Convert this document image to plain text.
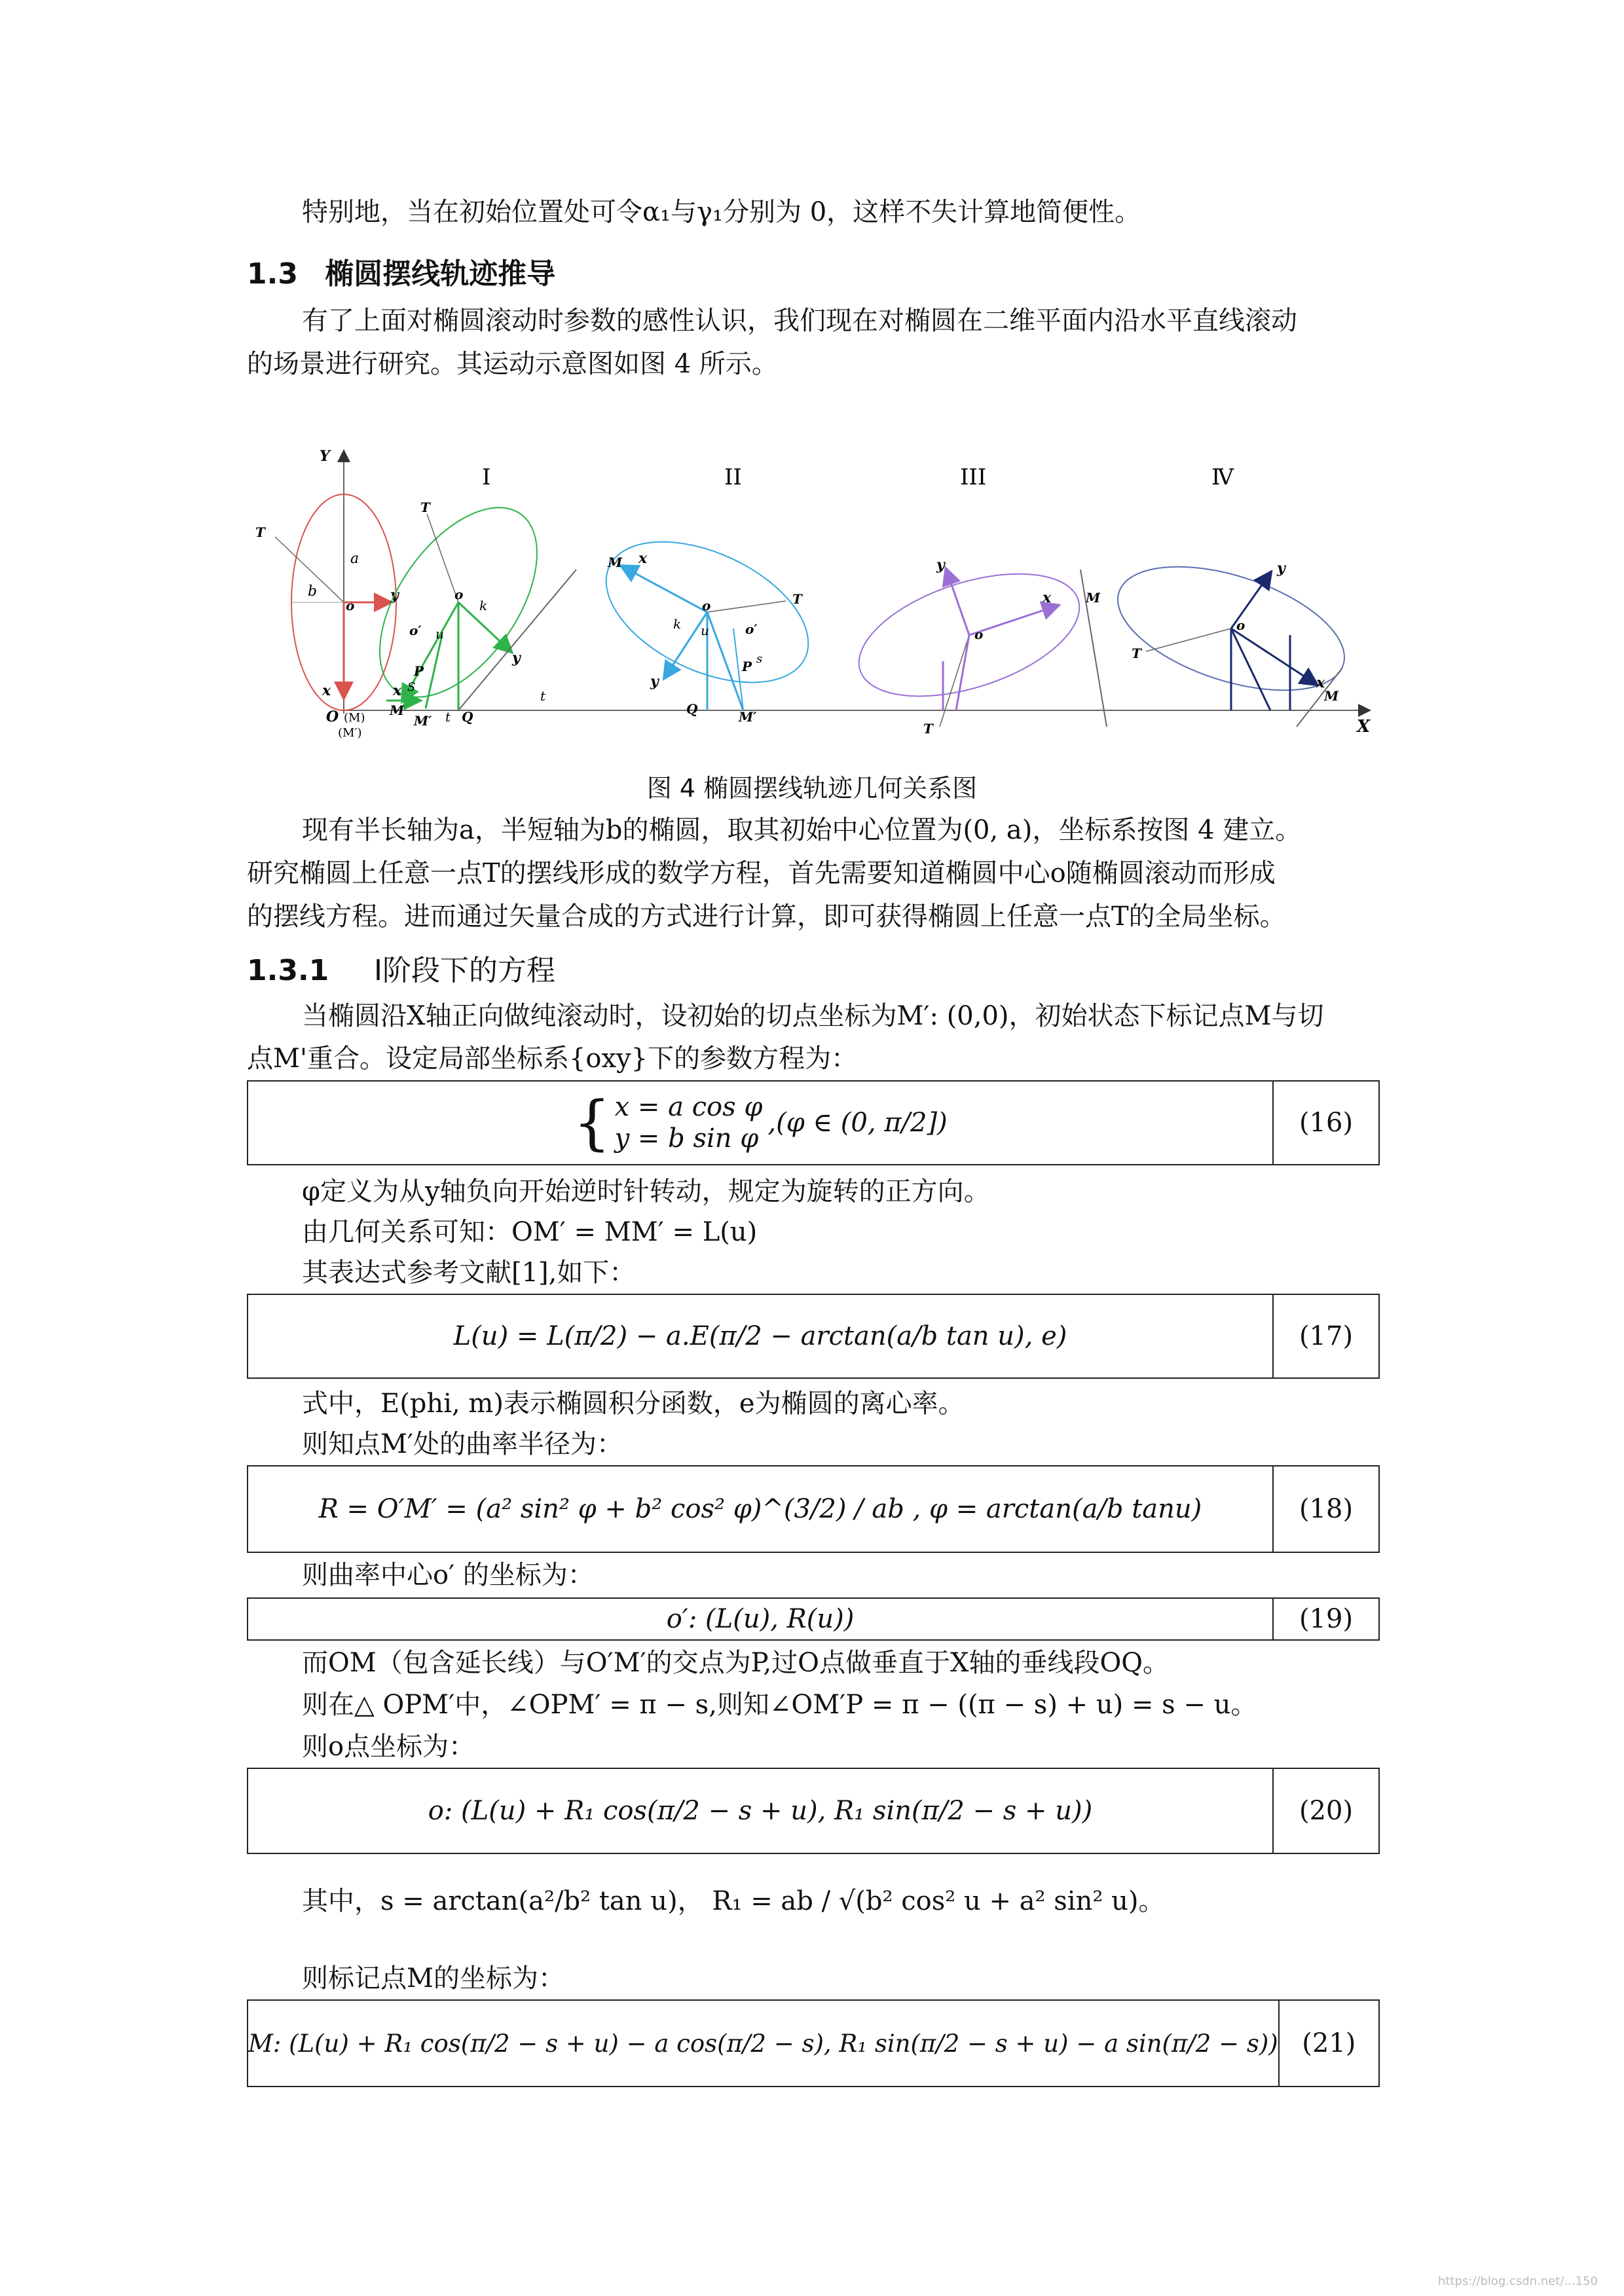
特别地，当在初始位置处可令α₁与γ₁分别为 0，这样不失计算地简便性。
1.3 椭圆摆线轨迹推导
有了上面对椭圆滚动时参数的感性认识，我们现在对椭圆在二维平面内沿水平直线滚动
的场景进行研究。其运动示意图如图 4 所示。
X
Y
I	II	III	Ⅳ
T
a
b
o
y
x
O (M)
(M′)
T
k
o
o′ u
y
P
S
x
M
M′ t Q
t
M x
T
k
o
u	o′
y
P s
Q	M′
y
x	M
o
T
y
o
T
x
M
图 4 椭圆摆线轨迹几何关系图
现有半长轴为a，半短轴为b的椭圆，取其初始中心位置为(0, a)，坐标系按图 4 建立。
研究椭圆上任意一点T的摆线形成的数学方程，首先需要知道椭圆中心o随椭圆滚动而形成
的摆线方程。进而通过矢量合成的方式进行计算，即可获得椭圆上任意一点T的全局坐标。
1.3.1 Ⅰ阶段下的方程
当椭圆沿X轴正向做纯滚动时，设初始的切点坐标为M′: (0,0)，初始状态下标记点M与切
点M'重合。设定局部坐标系{oxy}下的参数方程为：
{ x = a cos φ
y = b sin φ
,(φ ∈ (0, π/2])	(16)
φ定义为从y轴负向开始逆时针转动，规定为旋转的正方向。
由几何关系可知：OM′ = MM′ = L(u)
其表达式参考文献[1],如下：
L(u) = L(π/2) − a.E(π/2 − arctan(a/b tan u), e)	(17)
式中，E(phi, m)表示椭圆积分函数，e为椭圆的离心率。
则知点M′处的曲率半径为：
R = O′M′ = (a² sin² φ + b² cos² φ)^(3/2) / ab , φ = arctan(a/b tanu)	(18)
则曲率中心o′ 的坐标为：
o′: (L(u), R(u))	(19)
而OM（包含延长线）与O′M′的交点为P,过O点做垂直于X轴的垂线段OQ。
则在△ OPM′中，∠OPM′ = π − s,则知∠OM′P = π − ((π − s) + u) = s − u。
则o点坐标为：
o: (L(u) + R₁ cos(π/2 − s + u), R₁ sin(π/2 − s + u))	(20)
其中，s = arctan(a²/b² tan u)， R₁ = ab / √(b² cos² u + a² sin² u)。
则标记点M的坐标为：
M: (L(u) + R₁ cos(π/2 − s + u) − a cos(π/2 − s), R₁ sin(π/2 − s + u) − a sin(π/2 − s)) (21)
https://blog.csdn.net/...150
